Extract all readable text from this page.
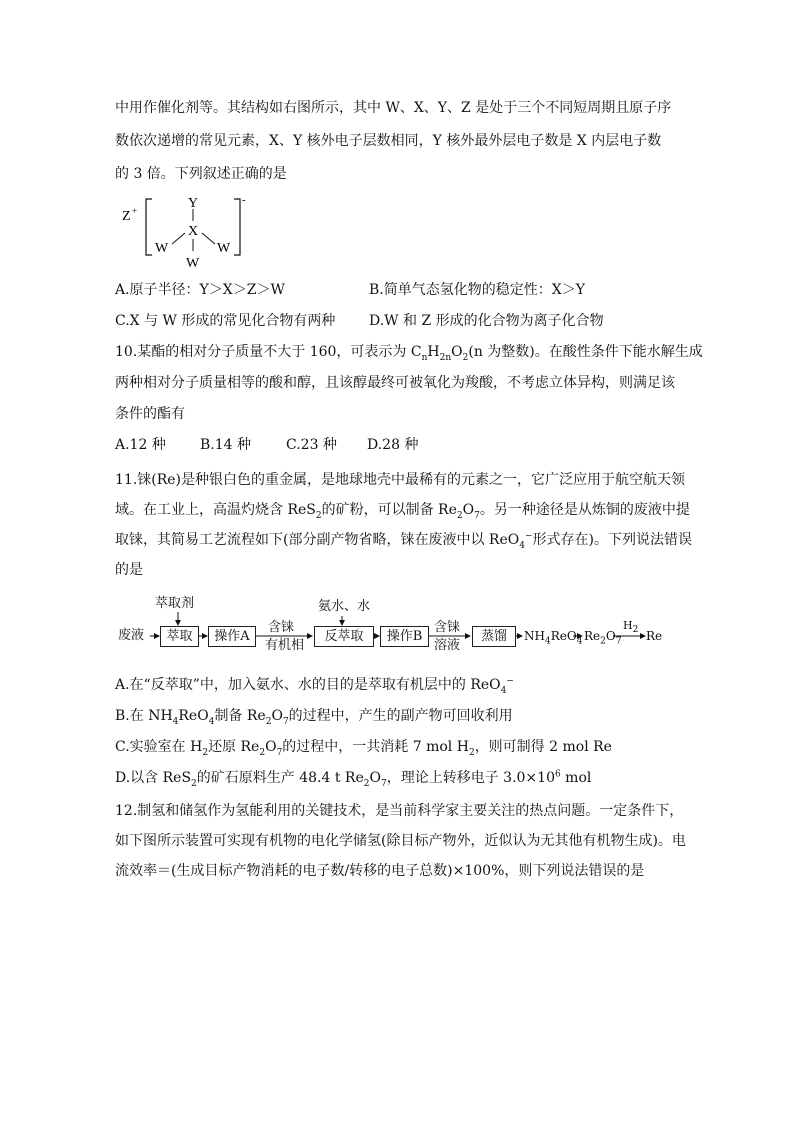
中用作催化剂等。其结构如右图所示，其中 W、X、Y、Z 是处于三个不同短周期且原子序
数依次递增的常见元素，X、Y 核外电子层数相同，Y 核外最外层电子数是 X 内层电子数
的 3 倍。下列叙述正确的是
Z +
-
Y
X
W	W
W
A.原子半径：Y＞X＞Z＞W	B.简单气态氢化物的稳定性：X＞Y
C.X 与 W 形成的常见化合物有两种 D.W 和 Z 形成的化合物为离子化合物
10.某酯的相对分子质量不大于 160，可表示为 $C_nH_{2n}O_2(n$ 为整数)。在酸性条件下能水解生成
两种相对分子质量相等的酸和醇，且该醇最终可被氧化为羧酸，不考虑立体异构，则满足该
条件的酯有
A.12 种 B.14 种 C.23 种 D.28 种
11.铼(Re)是种银白色的重金属，是地球地壳中最稀有的元素之一，它广泛应用于航空航天领
域。在工业上，高温灼烧含 ReS$_2$的矿粉，可以制备 $Re_2O_7$。另一种途径是从炼铜的废液中提
取铼，其简易工艺流程如下(部分副产物省略，铼在废液中以 ReO$_4$−形式存在)。下列说法错误
的是
萃取剂	氨水、水
废液	萃取	操作A
含铼
有机相
反萃取	操作B
含铼
溶液
蒸馏	$NH_4ReO_4$ $Re_2O_7$
$H_2$ Re
A.在“反萃取”中，加入氨水、水的目的是萃取有机层中的 ReO$_4$−
B.在 $NH_4ReO_4$制备 $Re_2O_7$的过程中，产生的副产物可回收利用
C.实验室在 $H_2$还原 $Re_2O_7$的过程中，一共消耗 7 mol $H_2$，则可制得 2 mol Re
D.以含 ReS$_2$的矿石原料生产 48.4 t $Re_2O_7$，理论上转移电子 $3.0\times 10^6$ mol
12.制氢和储氢作为氢能利用的关键技术，是当前科学家主要关注的热点问题。一定条件下，
如下图所示装置可实现有机物的电化学储氢(除目标产物外，近似认为无其他有机物生成)。电
流效率＝(生成目标产物消耗的电子数/转移的电子总数)×100%，则下列说法错误的是
